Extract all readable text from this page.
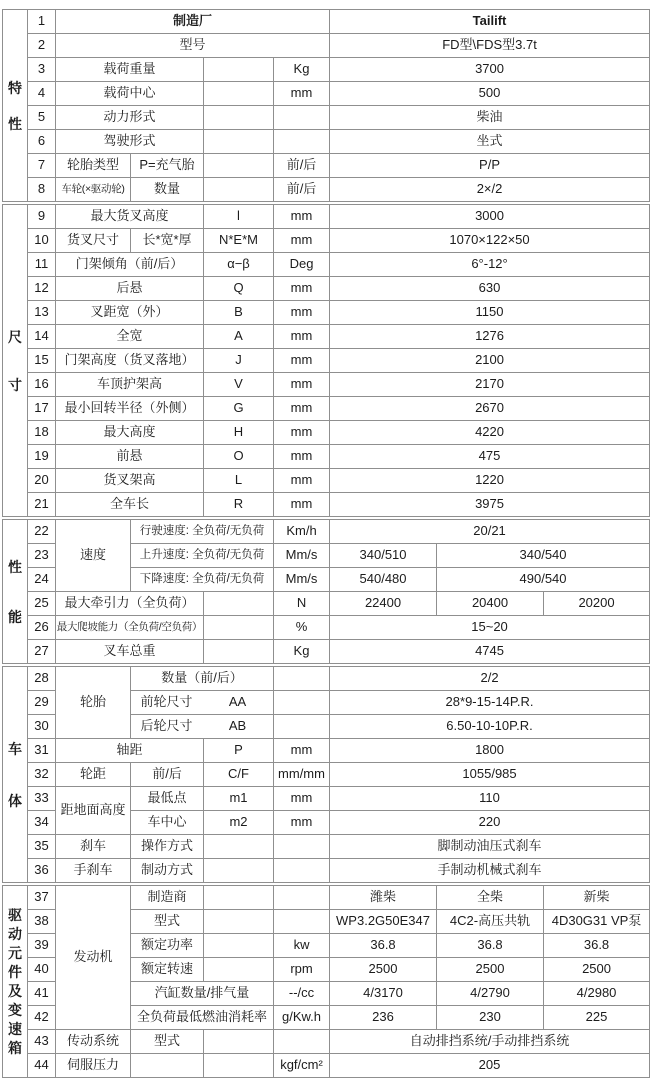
特性	1	制造厂				Tailift		
	2	型号				FD型\FDS型3.7t		
	3	载荷重量			Kg	3700		
	4	载荷中心			mm	500		
	5	动力形式				柴油		
	6	驾驶形式				坐式		
	7	轮胎类型	P=充气胎		前/后	P/P		
	8	车轮(×驱动轮)	数量		前/后	2×/2		
尺寸	9	最大货叉高度		l	mm	3000		
	10	货叉尺寸	长*宽*厚	N*E*M	mm	1070×122×50		
	11	门架倾角（前/后）		α−β	Deg	6°-12°		
	12	后悬		Q	mm	630		
	13	叉距宽（外）		B	mm	1150		
	14	全宽		A	mm	1276		
	15	门架高度（货叉落地）		J	mm	2100		
	16	车顶护架高		V	mm	2170		
	17	最小回转半径（外侧）		G	mm	2670		
	18	最大高度		H	mm	4220		
	19	前悬		O	mm	475		
	20	货叉架高		L	mm	1220		
	21	全车长		R	mm	3975		
性能	22	速度	行驶速度: 全负荷/无负荷		Km/h	20/21		
	23		上升速度: 全负荷/无负荷		Mm/s	340/510	340/540	
	24		下降速度: 全负荷/无负荷		Mm/s	540/480	490/540	
	25	最大牵引力（全负荷）			N	22400	20400	20200
	26	最大爬坡能力（全负荷/空负荷）			%	15~20		
	27	叉车总重			Kg	4745		
车体	28	轮胎	数量（前/后）			2/2		
	29		前轮尺寸 AA			28*9-15-14P.R.		
	30		后轮尺寸 AB			6.50-10-10P.R.		
	31	轴距		P	mm	1800		
	32	轮距	前/后	C/F	mm/mm	1055/985		
	33	距地面高度	最低点	m1	mm	110		
	34		车中心	m2	mm	220		
	35	刹车	操作方式			脚制动油压式刹车		
	36	手刹车	制动方式			手制动机械式刹车		
驱动元件及变速箱	37	发动机	制造商			潍柴	全柴	新柴
	38		型式			WP3.2G50E347	4C2-高压共轨	4D30G31 VP泵
	39		额定功率		kw	36.8	36.8	36.8
	40		额定转速		rpm	2500	2500	2500
	41		汽缸数量/排气量		--/cc	4/3170	4/2790	4/2980
	42		全负荷最低燃油消耗率		g/Kw.h	236	230	225
	43	传动系统	型式			自动排挡系统/手动排挡系统		
	44	伺服压力			kgf/cm²	205		
